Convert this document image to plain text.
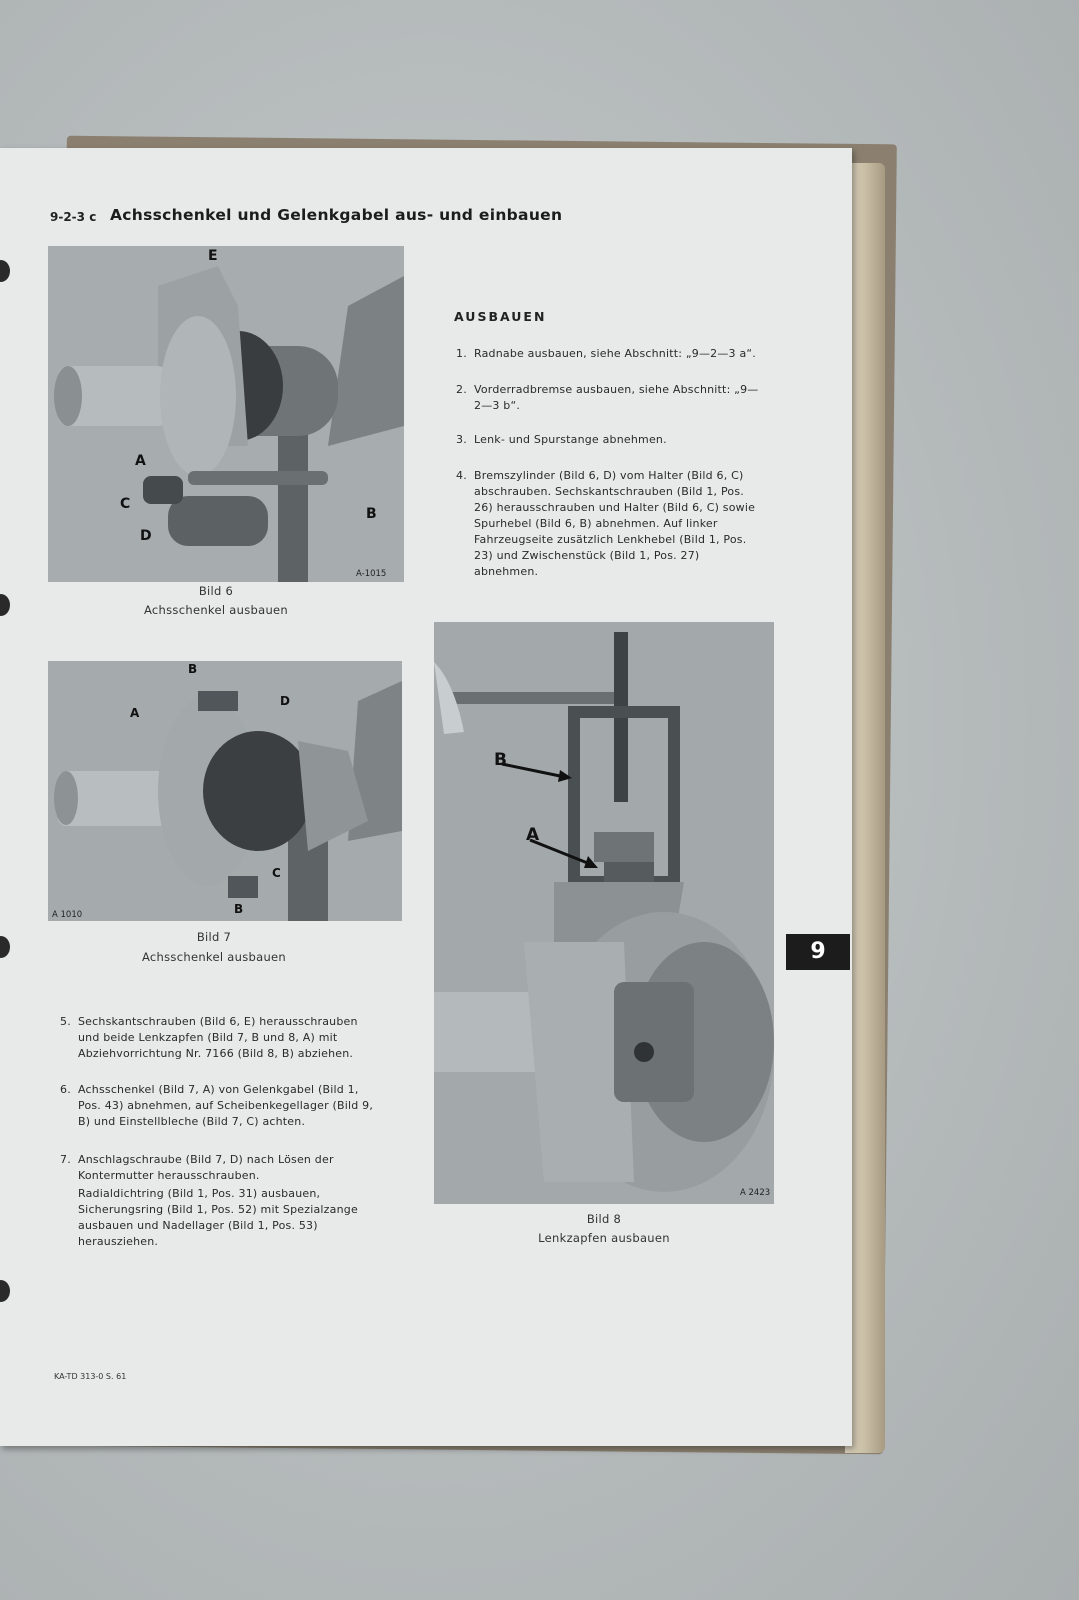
9-2-3 c Achsschenkel und Gelenkgabel aus- und einbauen
E
A
C
D
B
A-1015
Bild 6
Achsschenkel ausbauen
B
A
D
C
B
A 1010
Bild 7
Achsschenkel ausbauen
B
A
A 2423
Bild 8
Lenkzapfen ausbauen
AUSBAUEN
1. Radnabe ausbauen, siehe Abschnitt: „9—2—3 a“.
2. Vorderradbremse ausbauen, siehe Abschnitt: „9—2—3 b“.
3. Lenk- und Spurstange abnehmen.
4. Bremszylinder (Bild 6, D) vom Halter (Bild 6, C) abschrauben. Sechskantschrauben (Bild 1, Pos. 26) herausschrauben und Halter (Bild 6, C) sowie Spurhebel (Bild 6, B) abnehmen. Auf linker Fahrzeugseite zusätzlich Lenkhebel (Bild 1, Pos. 23) und Zwischenstück (Bild 1, Pos. 27) abnehmen.
5. Sechskantschrauben (Bild 6, E) herausschrauben und beide Lenkzapfen (Bild 7, B und 8, A) mit Abziehvorrichtung Nr. 7166 (Bild 8, B) abziehen.
6. Achsschenkel (Bild 7, A) von Gelenkgabel (Bild 1, Pos. 43) abnehmen, auf Scheibenkegellager (Bild 9, B) und Einstellbleche (Bild 7, C) achten.
7. Anschlagschraube (Bild 7, D) nach Lösen der Kontermutter herausschrauben.
Radialdichtring (Bild 1, Pos. 31) ausbauen, Sicherungsring (Bild 1, Pos. 52) mit Spezialzange ausbauen und Nadellager (Bild 1, Pos. 53) herausziehen.
9
KA-TD 313-0 S. 61
